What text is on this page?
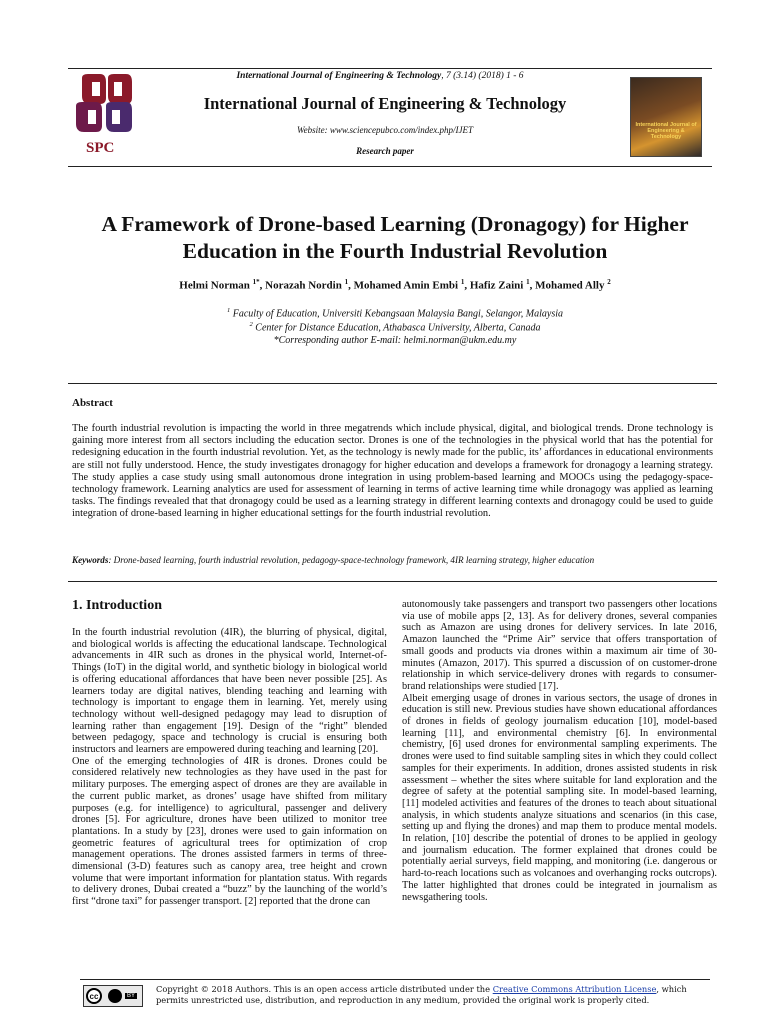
SPC
International Journal of Engineering & Technology
International Journal of Engineering & Technology, 7 (3.14) (2018) 1 - 6
International Journal of Engineering & Technology
Website: www.sciencepubco.com/index.php/IJET
Research paper
A Framework of Drone-based Learning (Dronagogy) for Higher
Education in the Fourth Industrial Revolution
Helmi Norman $^{1*}$, Norazah Nordin $^1$, Mohamed Amin Embi $^1$, Hafiz Zaini $^1$, Mohamed Ally $^2$
$^1$ Faculty of Education, Universiti Kebangsaan Malaysia Bangi, Selangor, Malaysia
$^2$ Center for Distance Education, Athabasca University, Alberta, Canada
*Corresponding author E-mail: helmi.norman@ukm.edu.my
Abstract
The fourth industrial revolution is impacting the world in three megatrends which include physical, digital, and biological trends. Drone technology is gaining more interest from all sectors including the education sector. Drones is one of the technologies in the physical world that has the potential for redesigning education in the fourth industrial revolution. Yet, as the technology is newly made for the public, its’ affordances in educational environments are still not fully understood. Hence, the study investigates dronagogy for higher education and develops a framework for dronagogy a learning strategy. The study applies a case study using small autonomous drone integration in using problem-based learning and MOOCs using the pedagogy-space-technology framework. Learning analytics are used for assessment of learning in terms of active learning time while dronagogy was applied as learning tasks. The findings revealed that that dronagogy could be used as a learning strategy in different learning contexts and dronagogy could be used to guide integration of drone-based learning in higher educational settings for the fourth industrial revolution.
Keywords: Drone-based learning, fourth industrial revolution, pedagogy-space-technology framework, 4IR learning strategy, higher education
1. Introduction

In the fourth industrial revolution (4IR), the blurring of physical, digital, and biological worlds is affecting the educational landscape. Technological advancements in 4IR such as drones in the physical world, Internet-of-Things (IoT) in the digital world, and synthetic biology in biological world is offering educational affordances that have been never possible [25]. As learners today are digital natives, blending teaching and learning with technology is important to engage them in learning. Yet, merely using technology without well-designed pedagogy may lead to disruption of learning rather than engagement [19]. Design of the “right” blended between pedagogy, space and technology is crucial is ensuring both instructors and learners are empowered during teaching and learning [20].

One of the emerging technologies of 4IR is drones. Drones could be considered relatively new technologies as they have used in the past for military purposes. The emerging aspect of drones are they are available in the current public market, as drones’ usage have shifted from military purposes (e.g. for intelligence) to agricultural, passenger and delivery drones [5]. For agriculture, drones have been utilized to monitor tree plantations. In a study by [23], drones were used to gain information on geometric features of agricultural trees for optimization of crop management operations. The drones assisted farmers in terms of three-dimensional (3-D) features such as canopy area, tree height and crown volume that were important information for plantation status. With regards to delivery drones, Dubai created a “buzz” by the launching of the world’s first “drone taxi” for passenger transport. [2] reported that the drone can

autonomously take passengers and transport two passengers other locations via use of mobile apps [2, 13]. As for delivery drones, several companies such as Amazon are using drones for delivery services. In late 2016, Amazon launched the “Prime Air” service that offers transportation of small goods and products via drones within a maximum air time of 30-minutes (Amazon, 2017). This spurred a discussion of on customer-drone relationship in which service-delivery drones with regards to consumer-brand relationships were studied [17].

Albeit emerging usage of drones in various sectors, the usage of drones in education is still new. Previous studies have shown educational affordances of drones in fields of geology journalism education [10], model-based learning [11], and environmental chemistry [6]. In environmental chemistry, [6] used drones for environmental sampling experiments. The drones were used to find suitable sampling sites in which they could collect samples for their experiments. In addition, drones assisted students in risk assessment – whether the sites where suitable for land exploration and the degree of safety at the potential sampling site. In model-based learning, [11] modeled activities and features of the drones to teach about situational analysis, in which students analyze situations and scenarios (in this case, setting up and flying the drones) and map them to produce mental models. In relation, [10] describe the potential of drones to be applied in geology and journalism education. The former explained that drones could be potentially aerial surveys, field mapping, and monitoring (i.e. dangerous or hard-to-reach locations such as volcanoes and overhanging rocks outcrops). The latter highlighted that drones could be integrated in journalism as newsgathering tools.

cc	BY
Copyright © 2018 Authors. This is an open access article distributed under the Creative Commons Attribution License, which permits unrestricted use, distribution, and reproduction in any medium, provided the original work is properly cited.
